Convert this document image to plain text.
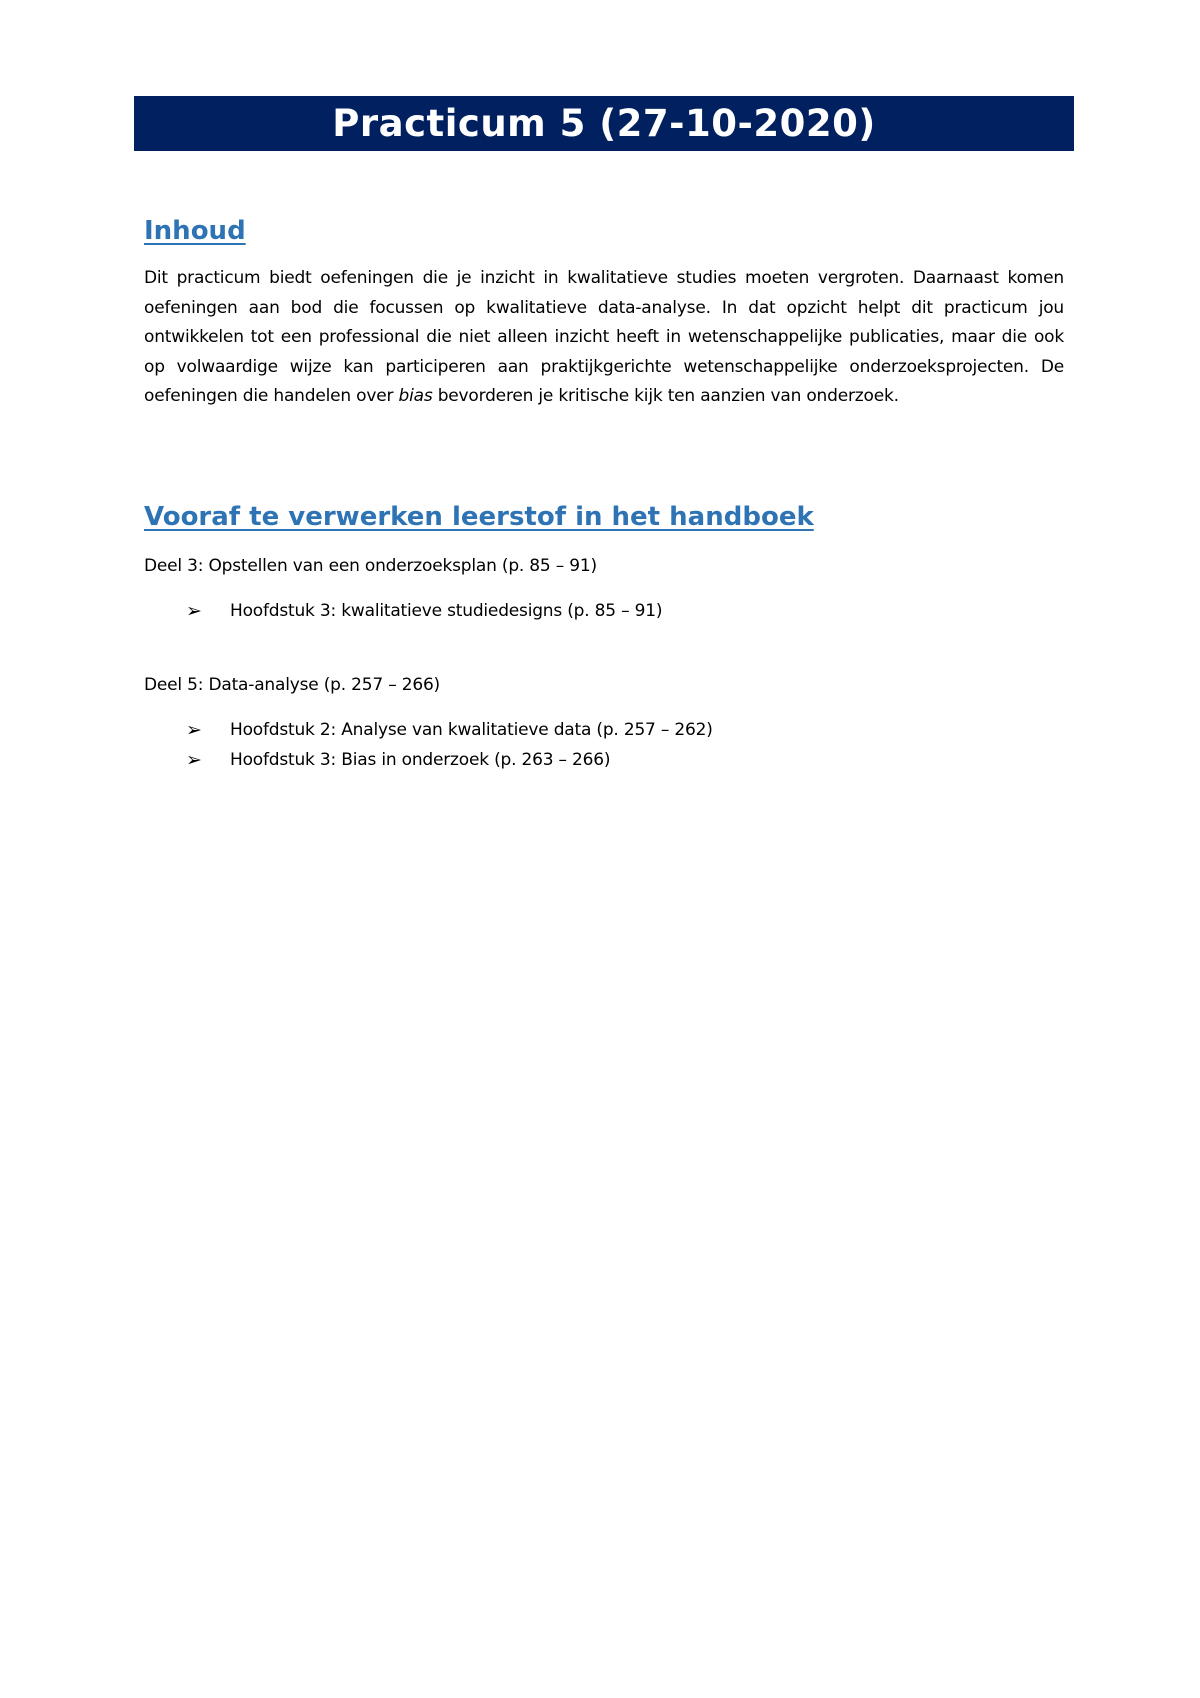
Practicum 5 (27-10-2020)
Inhoud

Dit practicum biedt oefeningen die je inzicht in kwalitatieve studies moeten vergroten. Daarnaast komen oefeningen aan bod die focussen op kwalitatieve data-analyse. In dat opzicht helpt dit practicum jou ontwikkelen tot een professional die niet alleen inzicht heeft in wetenschappelijke publicaties, maar die ook op volwaardige wijze kan participeren aan praktijkgerichte wetenschappelijke onderzoeksprojecten. De oefeningen die handelen over bias bevorderen je kritische kijk ten aanzien van onderzoek.

Vooraf te verwerken leerstof in het handboek

Deel 3: Opstellen van een onderzoeksplan (p. 85 – 91)

➢ Hoofdstuk 3: kwalitatieve studiedesigns (p. 85 – 91)

Deel 5: Data-analyse (p. 257 – 266)

➢ Hoofdstuk 2: Analyse van kwalitatieve data (p. 257 – 262)
➢ Hoofdstuk 3: Bias in onderzoek (p. 263 – 266)
